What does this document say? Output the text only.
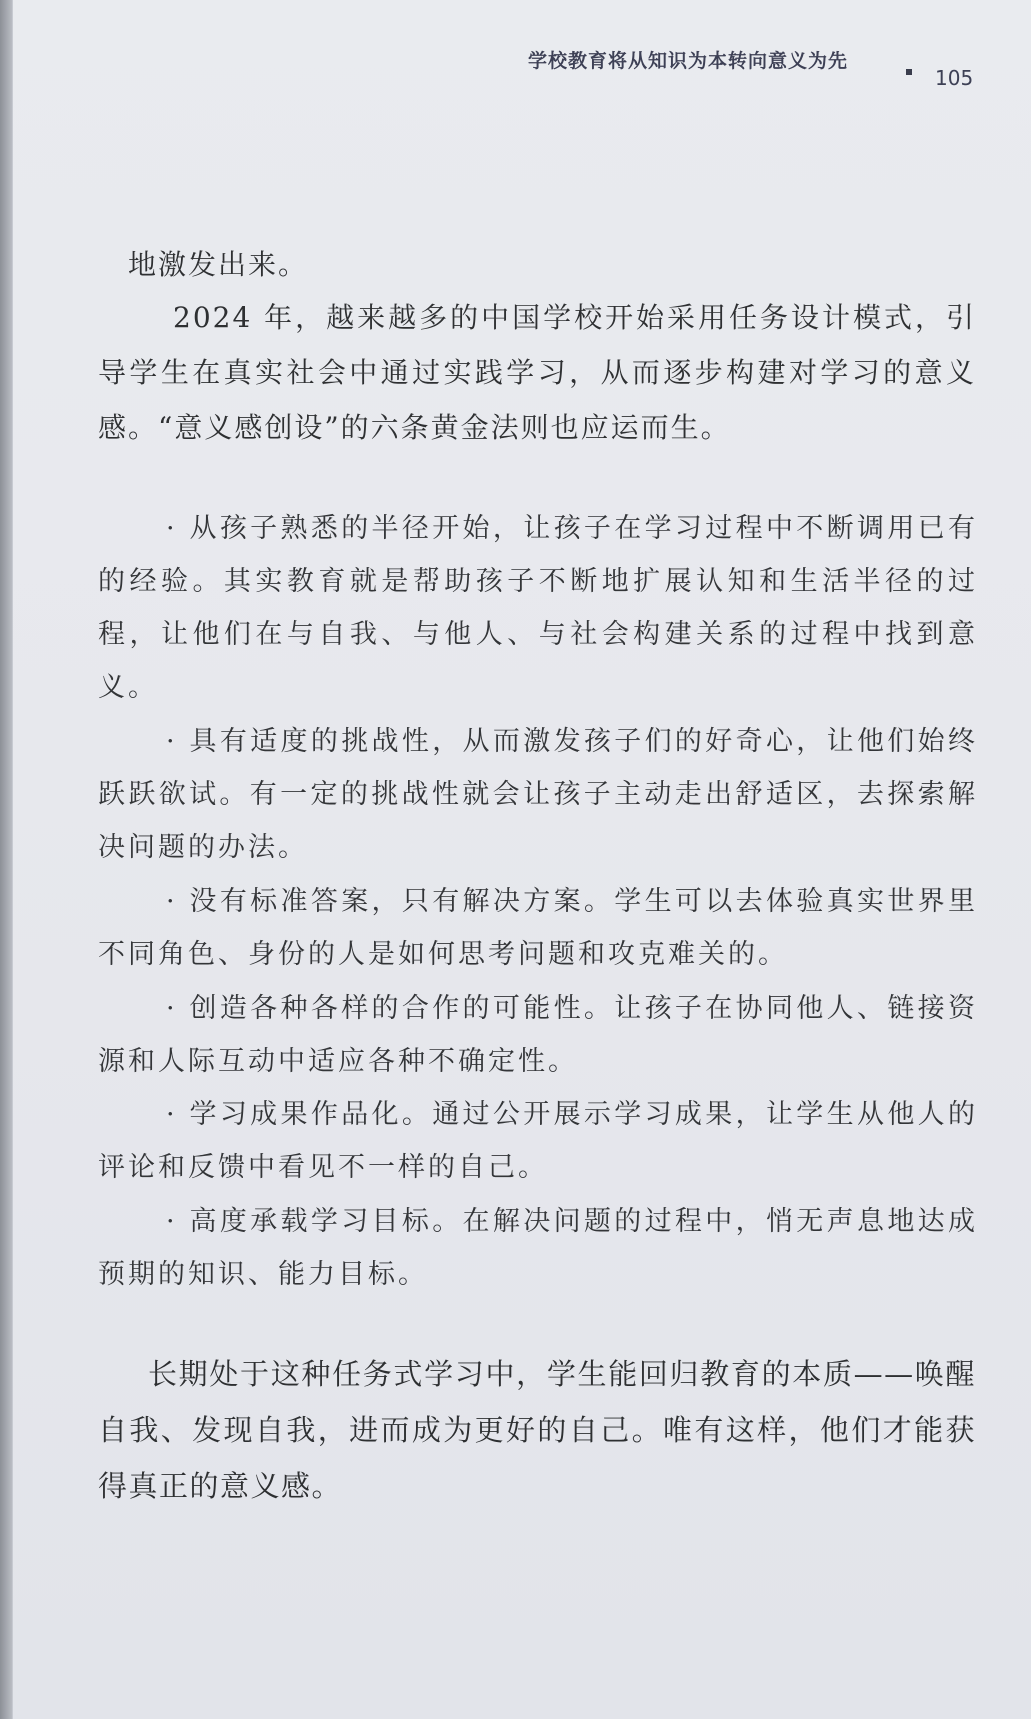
学校教育将从知识为本转向意义为先
105

地激发出来。

2024 年，越来越多的中国学校开始采用任务设计模式，引导学生在真实社会中通过实践学习，从而逐步构建对学习的意义感。“意义感创设”的六条黄金法则也应运而生。

· 从孩子熟悉的半径开始，让孩子在学习过程中不断调用已有的经验。其实教育就是帮助孩子不断地扩展认知和生活半径的过程，让他们在与自我、与他人、与社会构建关系的过程中找到意义。

· 具有适度的挑战性，从而激发孩子们的好奇心，让他们始终跃跃欲试。有一定的挑战性就会让孩子主动走出舒适区，去探索解决问题的办法。

· 没有标准答案，只有解决方案。学生可以去体验真实世界里不同角色、身份的人是如何思考问题和攻克难关的。

· 创造各种各样的合作的可能性。让孩子在协同他人、链接资源和人际互动中适应各种不确定性。

· 学习成果作品化。通过公开展示学习成果，让学生从他人的评论和反馈中看见不一样的自己。

· 高度承载学习目标。在解决问题的过程中，悄无声息地达成预期的知识、能力目标。

长期处于这种任务式学习中，学生能回归教育的本质——唤醒自我、发现自我，进而成为更好的自己。唯有这样，他们才能获得真正的意义感。
